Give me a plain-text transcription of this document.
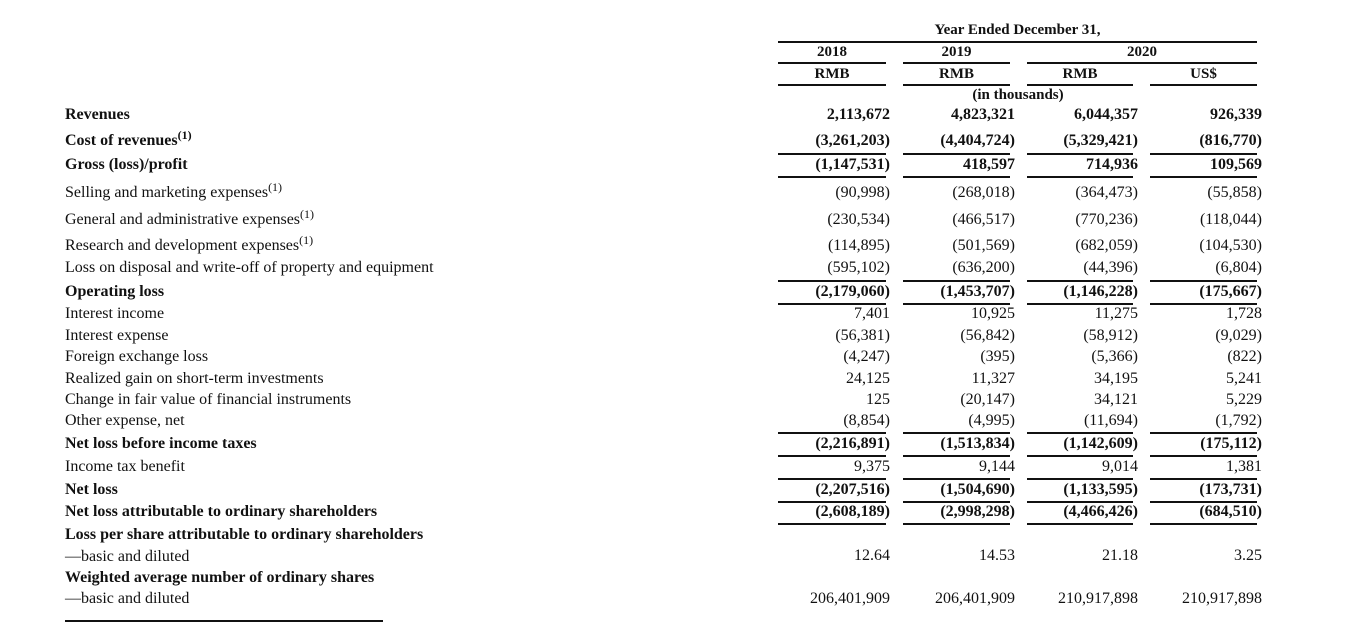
Year Ended December 31,
2018	2019	2020
RMB	RMB	RMB	US$
(in thousands)
Revenues	2,113,672	4,823,321	6,044,357	926,339
Cost of revenues$^{(1)}$	(3,261,203)	(4,404,724)	(5,329,421)	(816,770)
Gross (loss)/profit	(1,147,531)	418,597	714,936	109,569
Selling and marketing expenses$^{(1)}$	(90,998)	(268,018)	(364,473)	(55,858)
General and administrative expenses$^{(1)}$	(230,534)	(466,517)	(770,236)	(118,044)
Research and development expenses$^{(1)}$	(114,895)	(501,569)	(682,059)	(104,530)
Loss on disposal and write-off of property and equipment	(595,102)	(636,200)	(44,396)	(6,804)
Operating loss	(2,179,060)	(1,453,707)	(1,146,228)	(175,667)
Interest income	7,401	10,925	11,275	1,728
Interest expense	(56,381)	(56,842)	(58,912)	(9,029)
Foreign exchange loss	(4,247)	(395)	(5,366)	(822)
Realized gain on short-term investments	24,125	11,327	34,195	5,241
Change in fair value of financial instruments	125	(20,147)	34,121	5,229
Other expense, net	(8,854)	(4,995)	(11,694)	(1,792)
Net loss before income taxes	(2,216,891)	(1,513,834)	(1,142,609)	(175,112)
Income tax benefit	9,375	9,144	9,014	1,381
Net loss	(2,207,516)	(1,504,690)	(1,133,595)	(173,731)
Net loss attributable to ordinary shareholders	(2,608,189)	(2,998,298)	(4,466,426)	(684,510)
Loss per share attributable to ordinary shareholders
—basic and diluted	12.64	14.53	21.18	3.25
Weighted average number of ordinary shares
—basic and diluted	206,401,909	206,401,909	210,917,898	210,917,898
